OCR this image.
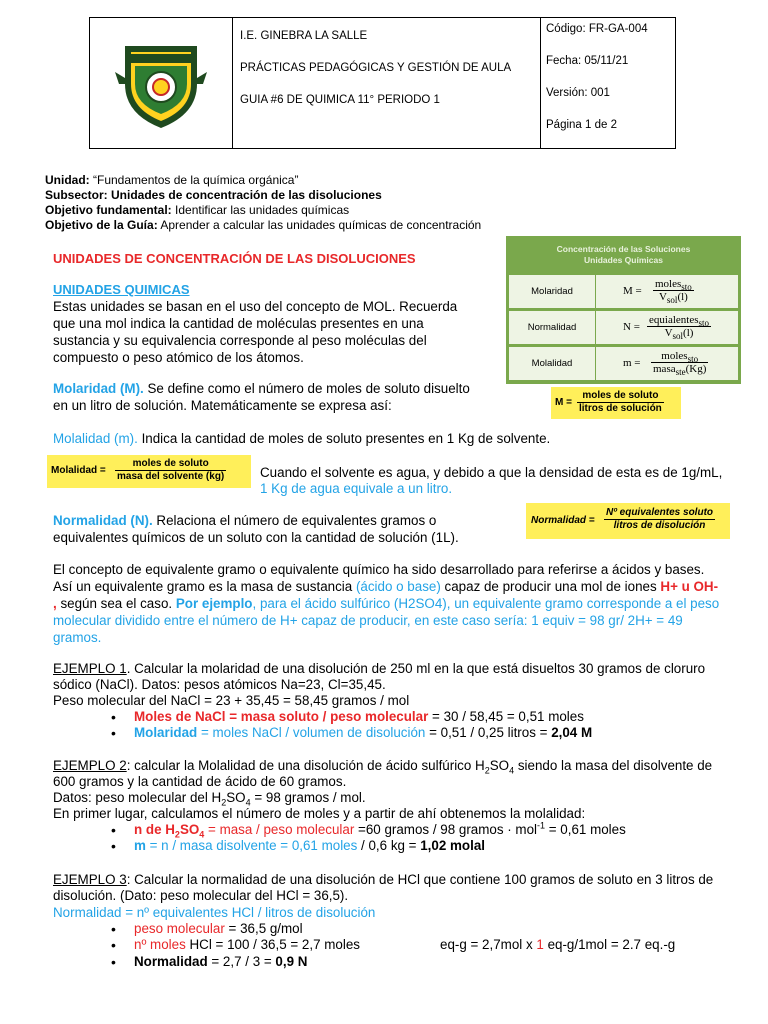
I.E. GINEBRA LA SALLE
PRÁCTICAS PEDAGÓGICAS Y GESTIÓN DE AULA
GUIA #6 DE QUIMICA 11° PERIODO 1

Código: FR-GA-004
Fecha: 05/11/21
Versión: 001
Página 1 de 2
Unidad: “Fundamentos de la química orgánica”
Subsector: Unidades de concentración de las disoluciones
Objetivo fundamental: Identificar las unidades químicas
Objetivo de la Guía: Aprender a calcular las unidades químicas de concentración
UNIDADES DE CONCENTRACIÓN DE LAS DISOLUCIONES
UNIDADES QUIMICAS
Estas unidades se basan en el uso del concepto de MOL. Recuerda
que una mol indica la cantidad de moléculas presentes en una
sustancia y su equivalencia corresponde al peso moléculas del
compuesto o peso atómico de los átomos.
Molaridad (M). Se define como el número de moles de soluto disuelto
en un litro de solución. Matemáticamente se expresa así:
Concentración de las Soluciones
Unidades Químicas
Molaridad	M =
moles$_{sto}$
$V_{sol}(l)$
Normalidad	N =
equialentes$_{sto}$
$V_{sol}(l)$
Molalidad	m =
moles$_{sto}$
masa$_{ste}$(Kg)
M =
moles de soluto
litros de solución
Molalidad (m). Indica la cantidad de moles de soluto presentes en 1 Kg de solvente.
Molalidad =
moles de soluto
masa del solvente (kg)	Cuando el solvente es agua, y debido a que la densidad de esta es de 1g/mL,
1 Kg de agua equivale a un litro.
Normalidad (N). Relaciona el número de equivalentes gramos o
equivalentes químicos de un soluto con la cantidad de solución (1L).
Normalidad =
Nº equivalentes soluto
litros de disolución
El concepto de equivalente gramo o equivalente químico ha sido desarrollado para referirse a ácidos y bases.
Así un equivalente gramo es la masa de sustancia (ácido o base) capaz de producir una mol de iones H+ u OH-
, según sea el caso. Por ejemplo, para el ácido sulfúrico (H2SO4), un equivalente gramo corresponde a el peso
molecular dividido entre el número de H+ capaz de producir, en este caso sería: 1 equiv = 98 gr/ 2H+ = 49
gramos.
EJEMPLO 1. Calcular la molaridad de una disolución de 250 ml en la que está disueltos 30 gramos de cloruro
sódico (NaCl). Datos: pesos atómicos Na=23, Cl=35,45.
Peso molecular del NaCl = 23 + 35,45 = 58,45 gramos / mol
• Moles de NaCl = masa soluto / peso molecular = 30 / 58,45 = 0,51 moles
• Molaridad = moles NaCl / volumen de disolución = 0,51 / 0,25 litros = 2,04 M
EJEMPLO 2: calcular la Molalidad de una disolución de ácido sulfúrico $H_2SO_4$ siendo la masa del disolvente de
600 gramos y la cantidad de ácido de 60 gramos.
Datos: peso molecular del $H_2SO_4 = 98$ gramos / mol.
En primer lugar, calculamos el número de moles y a partir de ahí obtenemos la molalidad:
• n de $H_2SO_4$ = masa / peso molecular =60 gramos / 98 gramos · mol$^{-1}$ = 0,61 moles
• m = n / masa disolvente = 0,61 moles / 0,6 kg = 1,02 molal
EJEMPLO 3: Calcular la normalidad de una disolución de HCl que contiene 100 gramos de soluto en 3 litros de
disolución. (Dato: peso molecular del HCl = 36,5).
Normalidad = nº equivalentes HCl / litros de disolución
• peso molecular = 36,5 g/mol
• nº moles HCl = 100 / 36,5 = 2,7 moles	eq-g = 2,7mol x 1 eq-g/1mol = 2.7 eq.-g
• Normalidad = 2,7 / 3 = 0,9 N
